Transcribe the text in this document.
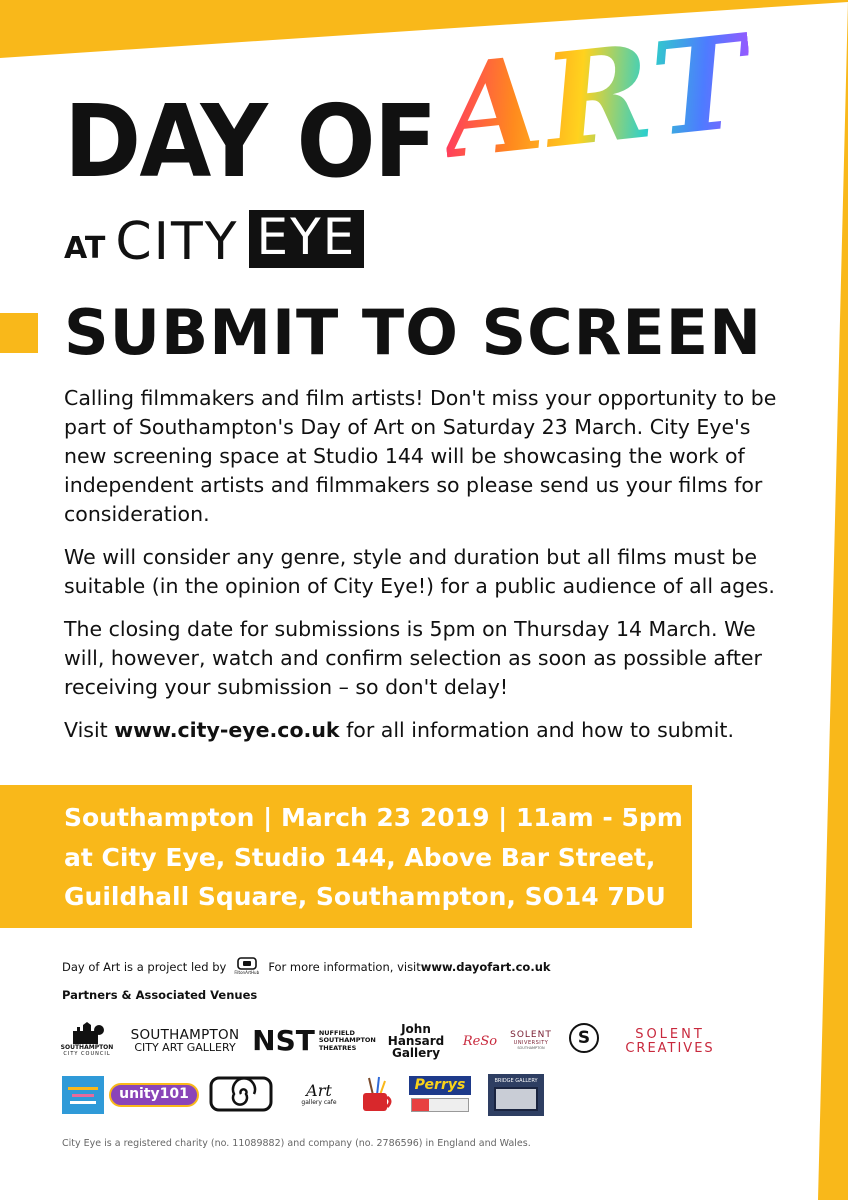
DAY OF ART
AT CITY EYE
SUBMIT TO SCREEN

Calling filmmakers and film artists! Don't miss your opportunity to be part of Southampton's Day of Art on Saturday 23 March. City Eye's new screening space at Studio 144 will be showcasing the work of independent artists and filmmakers so please send us your films for consideration.

We will consider any genre, style and duration but all films must be suitable (in the opinion of City Eye!) for a public audience of all ages.

The closing date for submissions is 5pm on Thursday 14 March. We will, however, watch and confirm selection as soon as possible after receiving your submission – so don't delay!

Visit www.city-eye.co.uk for all information and how to submit.

Southampton | March 23 2019 | 11am - 5pm
at City Eye, Studio 144, Above Bar Street,
Guildhall Square, Southampton, SO14 7DU
Day of Art is a project led by FiltonArtHub For more information, visit www.dayofart.co.uk
Partners & Associated Venues
SOUTHAMPTON
CITY COUNCIL
SOUTHAMPTON
CITY ART GALLERY NST NUFFIELD
SOUTHAMPTON
THEATRES
John
Hansard
Gallery
ReSo SOLENT
UNIVERSITY
SOUTHAMPTON
S	SOLENT
CREATIVES
unity101	Art
gallery cafe
Perrys	BRIDGE GALLERY
City Eye is a registered charity (no. 11089882) and company (no. 2786596) in England and Wales.
